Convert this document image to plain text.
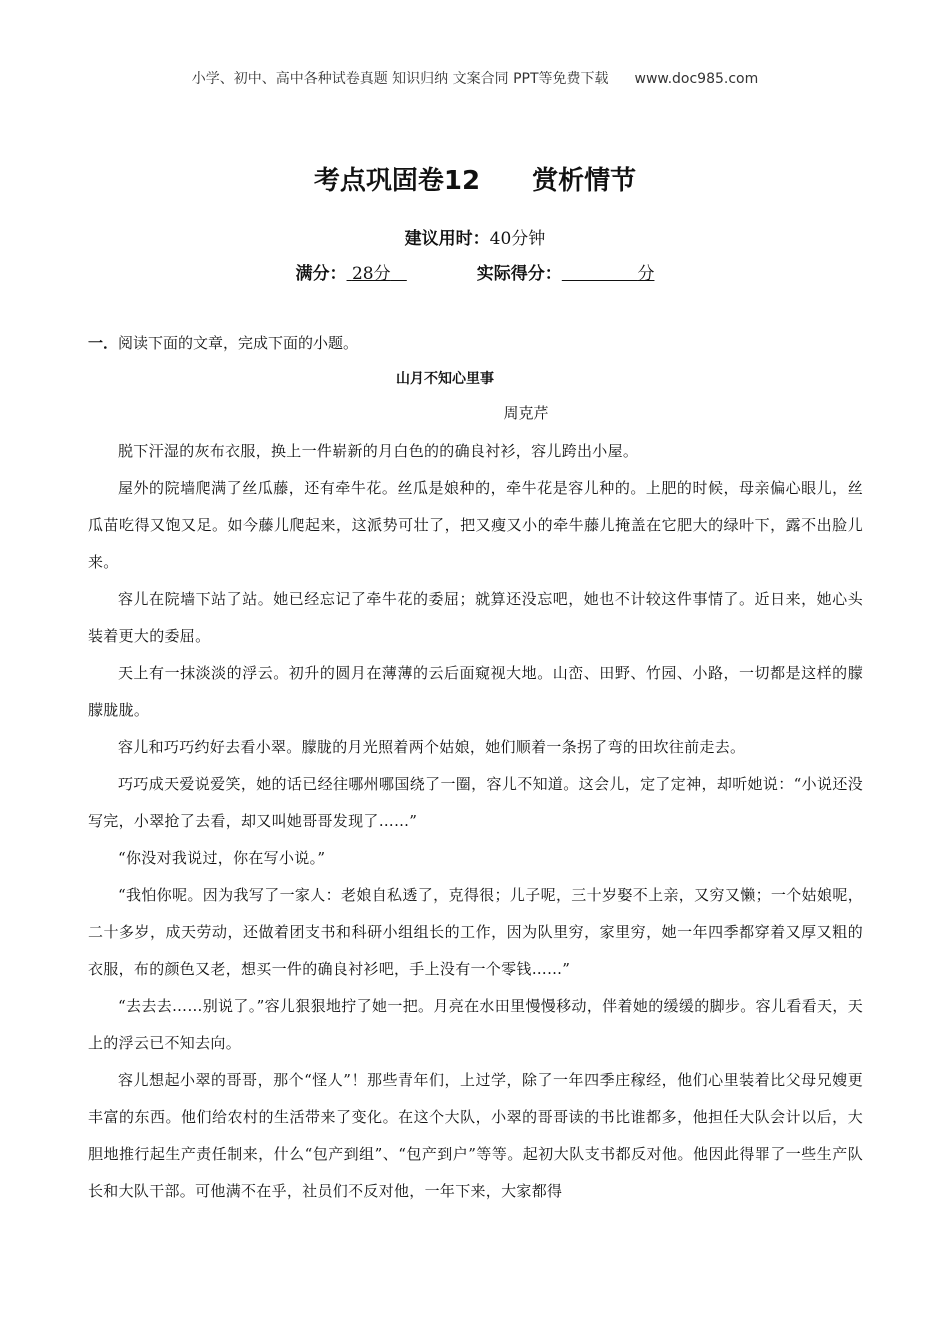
小学、初中、高中各种试卷真题 知识归纳 文案合同 PPT等免费下载 www.doc985.com
考点巩固卷12 赏析情节
建议用时：40分钟
满分： 28分	实际得分：	分
一．阅读下面的文章，完成下面的小题。
山月不知心里事
周克芹

脱下汗湿的灰布衣服，换上一件崭新的月白色的的确良衬衫，容儿跨出小屋。

屋外的院墙爬满了丝瓜藤，还有牵牛花。丝瓜是娘种的，牵牛花是容儿种的。上肥的时候，母亲偏心眼儿，丝瓜苗吃得又饱又足。如今藤儿爬起来，这派势可壮了，把又瘦又小的牵牛藤儿掩盖在它肥大的绿叶下，露不出脸儿来。

容儿在院墙下站了站。她已经忘记了牵牛花的委屈；就算还没忘吧，她也不计较这件事情了。近日来，她心头装着更大的委屈。

天上有一抹淡淡的浮云。初升的圆月在薄薄的云后面窥视大地。山峦、田野、竹园、小路，一切都是这样的朦朦胧胧。

容儿和巧巧约好去看小翠。朦胧的月光照着两个姑娘，她们顺着一条拐了弯的田坎往前走去。

巧巧成天爱说爱笑，她的话已经往哪州哪国绕了一圈，容儿不知道。这会儿，定了定神，却听她说：“小说还没写完，小翠抢了去看，却又叫她哥哥发现了……”

“你没对我说过，你在写小说。”

“我怕你呢。因为我写了一家人：老娘自私透了，克得很；儿子呢，三十岁娶不上亲，又穷又懒；一个姑娘呢，二十多岁，成天劳动，还做着团支书和科研小组组长的工作，因为队里穷，家里穷，她一年四季都穿着又厚又粗的衣服，布的颜色又老，想买一件的确良衬衫吧，手上没有一个零钱……”

“去去去……别说了。”容儿狠狠地拧了她一把。月亮在水田里慢慢移动，伴着她的缓缓的脚步。容儿看看天，天上的浮云已不知去向。

容儿想起小翠的哥哥，那个“怪人”！那些青年们，上过学，除了一年四季庄稼经，他们心里装着比父母兄嫂更丰富的东西。他们给农村的生活带来了变化。在这个大队，小翠的哥哥读的书比谁都多，他担任大队会计以后，大胆地推行起生产责任制来，什么“包产到组”、“包产到户”等等。起初大队支书都反对他。他因此得罪了一些生产队长和大队干部。可他满不在乎，社员们不反对他，一年下来，大家都得
